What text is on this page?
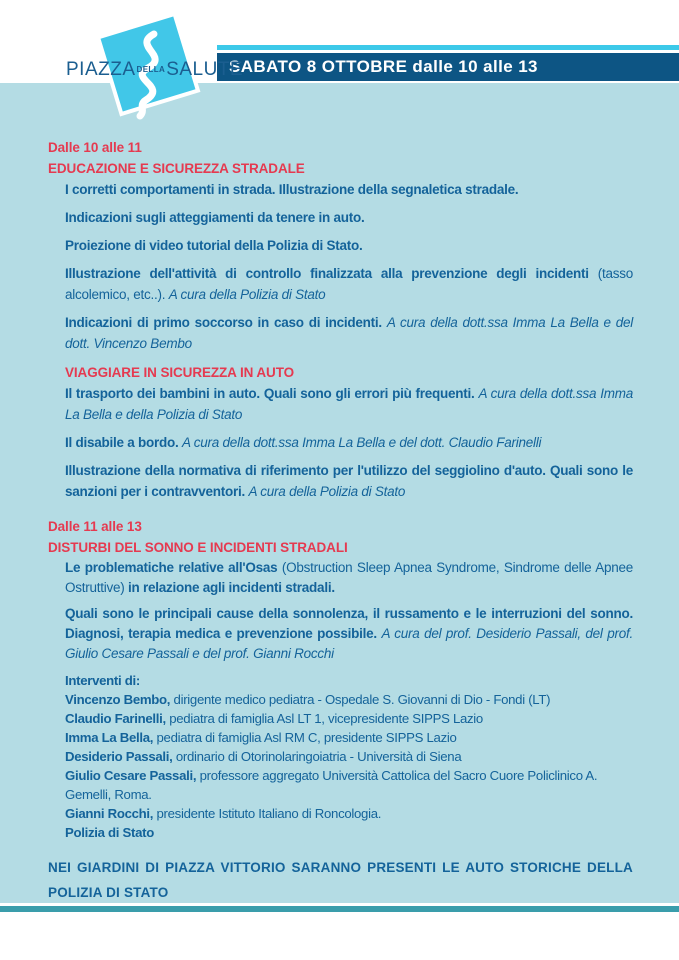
SABATO 8 OTTOBRE dalle 10 alle 13
PIAZZADELLASALUTE
Dalle 10 alle 11
EDUCAZIONE E SICUREZZA STRADALE

I corretti comportamenti in strada. Illustrazione della segnaletica stradale.

Indicazioni sugli atteggiamenti da tenere in auto.

Proiezione di video tutorial della Polizia di Stato.

Illustrazione dell'attività di controllo finalizzata alla prevenzione degli incidenti (tasso alcolemico, etc..). A cura della Polizia di Stato

Indicazioni di primo soccorso in caso di incidenti. A cura della dott.ssa Imma La Bella e del dott. Vincenzo Bembo

VIAGGIARE IN SICUREZZA IN AUTO

Il trasporto dei bambini in auto. Quali sono gli errori più frequenti. A cura della dott.ssa Imma La Bella e della Polizia di Stato

Il disabile a bordo. A cura della dott.ssa Imma La Bella e del dott. Claudio Farinelli

Illustrazione della normativa di riferimento per l'utilizzo del seggiolino d'auto. Quali sono le sanzioni per i contravventori. A cura della Polizia di Stato

Dalle 11 alle 13
DISTURBI DEL SONNO E INCIDENTI STRADALI

Le problematiche relative all'Osas (Obstruction Sleep Apnea Syndrome, Sindrome delle Apnee Ostruttive) in relazione agli incidenti stradali.

Quali sono le principali cause della sonnolenza, il russamento e le interruzioni del sonno. Diagnosi, terapia medica e prevenzione possibile. A cura del prof. Desiderio Passali, del prof. Giulio Cesare Passali e del prof. Gianni Rocchi

Interventi di:

Vincenzo Bembo, dirigente medico pediatra - Ospedale S. Giovanni di Dio - Fondi (LT)

Claudio Farinelli, pediatra di famiglia Asl LT 1, vicepresidente SIPPS Lazio

Imma La Bella, pediatra di famiglia Asl RM C, presidente SIPPS Lazio

Desiderio Passali, ordinario di Otorinolaringoiatria - Università di Siena

Giulio Cesare Passali, professore aggregato Università Cattolica del Sacro Cuore Policlinico A. Gemelli, Roma.

Gianni Rocchi, presidente Istituto Italiano di Roncologia.

Polizia di Stato

NEI GIARDINI DI PIAZZA VITTORIO SARANNO PRESENTI LE AUTO STORICHE DELLA
POLIZIA DI STATO
